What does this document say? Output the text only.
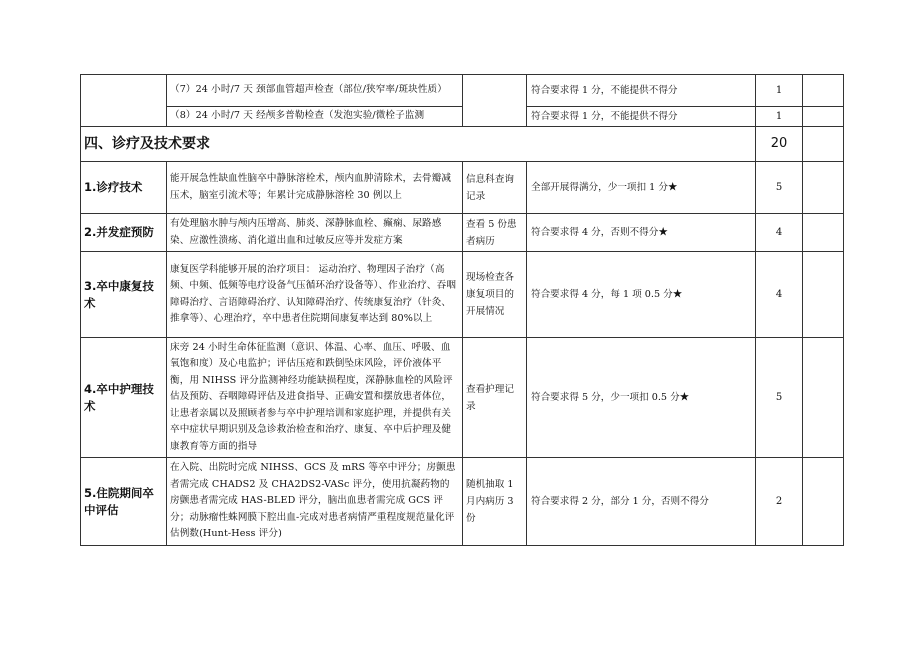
	（7）24 小时/7 天 颈部血管超声检查（部位/狭窄率/斑块性质）		符合要求得 1 分，不能提供不得分	1	
	（8）24 小时/7 天 经颅多普勒检查（发泡实验/微栓子监测		符合要求得 1 分，不能提供不得分	1	
四、诊疗及技术要求				20	
1.诊疗技术	能开展急性缺血性脑卒中静脉溶栓术，颅内血肿清除术，去骨瓣减压术，脑室引流术等；年累计完成静脉溶栓 30 例以上	信息科查询记录	全部开展得满分，少一项扣 1 分★	5	
2.并发症预防	有处理脑水肿与颅内压增高、肺炎、深静脉血栓、癫痫、尿路感染、应激性溃疡、消化道出血和过敏反应等并发症方案	查看 5 份患者病历	符合要求得 4 分，否则不得分★	4	
3.卒中康复技术	康复医学科能够开展的治疗项目： 运动治疗、物理因子治疗（高频、中频、低频等电疗设备气压循环治疗设备等）、作业治疗、吞咽障碍治疗、言语障碍治疗、认知障碍治疗、传统康复治疗（针灸、推拿等）、心理治疗，卒中患者住院期间康复率达到 80%以上	现场检查各康复项目的开展情况	符合要求得 4 分，每 1 项 0.5 分★	4	
4.卒中护理技术	床旁 24 小时生命体征监测（意识、体温、心率、血压、呼吸、血氧饱和度）及心电监护；评估压疮和跌倒坠床风险，评价液体平衡，用 NIHSS 评分监测神经功能缺损程度，深静脉血栓的风险评估及预防、吞咽障碍评估及进食指导、正确安置和摆放患者体位，让患者亲属以及照顾者参与卒中护理培训和家庭护理，并提供有关卒中症状早期识别及急诊救治检查和治疗、康复、卒中后护理及健康教育等方面的指导	查看护理记录	符合要求得 5 分，少一项扣 0.5 分★	5	
5.住院期间卒中评估	在入院、出院时完成 NIHSS、GCS 及 mRS 等卒中评分；房颤患者需完成 CHADS2 及 CHA2DS2-VASc 评分，使用抗凝药物的房颤患者需完成 HAS-BLED 评分，脑出血患者需完成 GCS 评分；动脉瘤性蛛网膜下腔出血-完成对患者病情严重程度规范量化评估例数(Hunt-Hess 评分)	随机抽取 1 月内病历 3 份	符合要求得 2 分，部分 1 分，否则不得分	2	
